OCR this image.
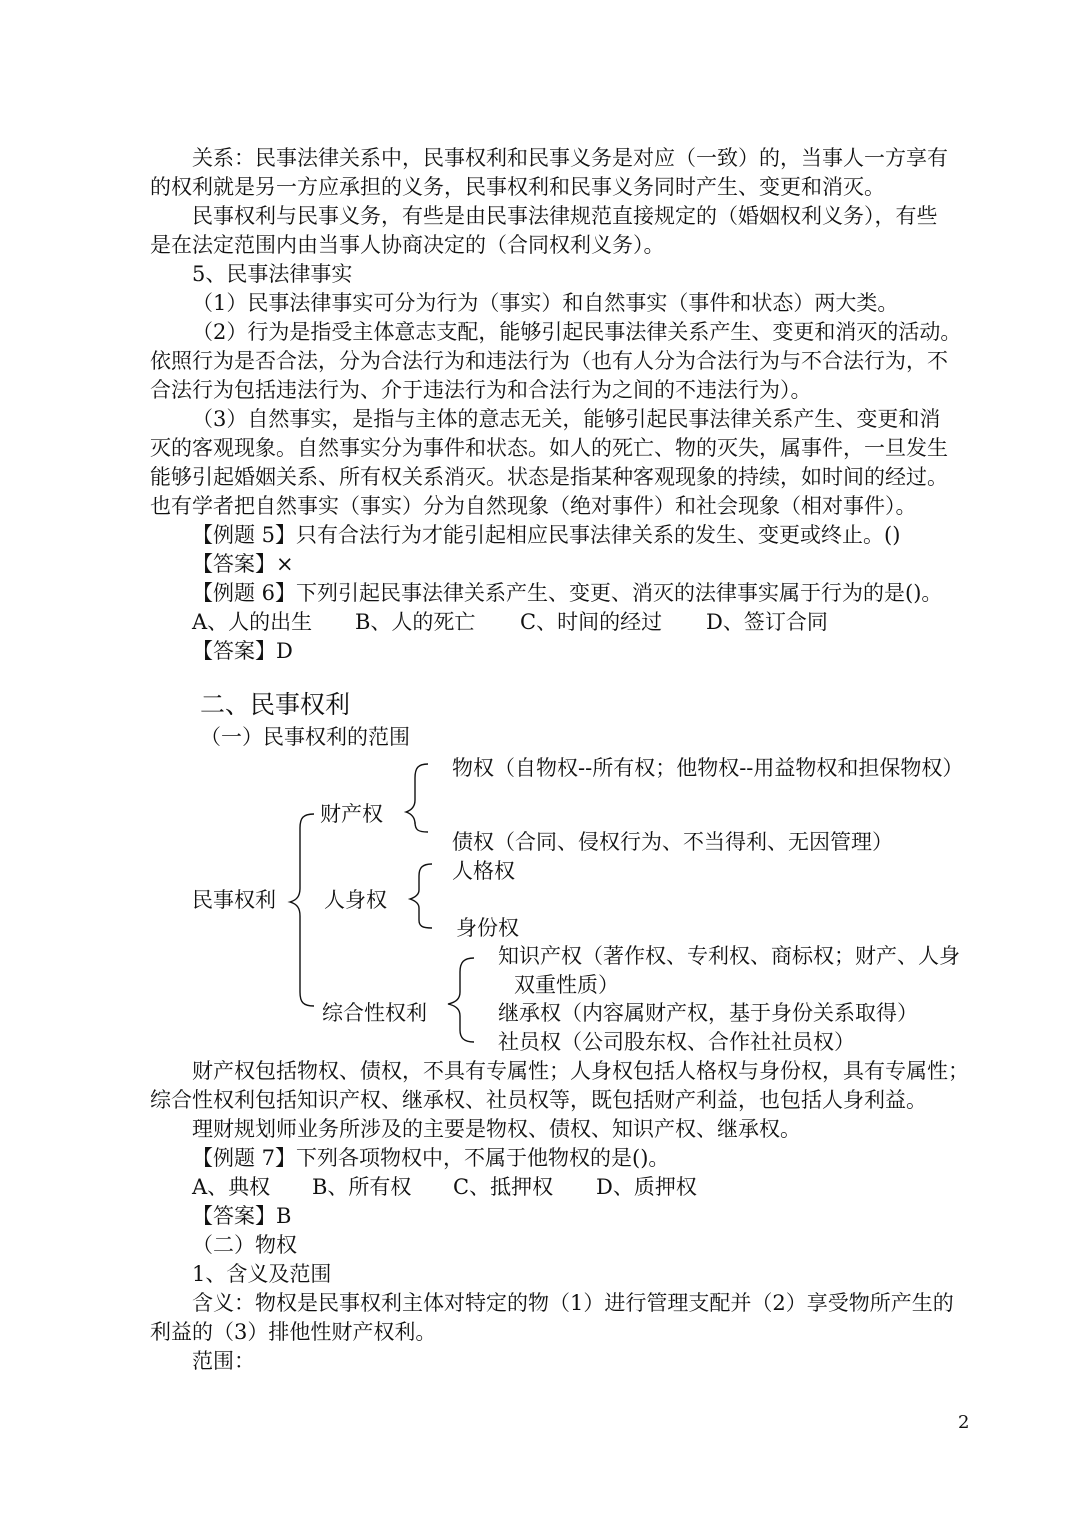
关系：民事法律关系中，民事权利和民事义务是对应（一致）的，当事人一方享有
的权利就是另一方应承担的义务，民事权利和民事义务同时产生、变更和消灭。
民事权利与民事义务，有些是由民事法律规范直接规定的（婚姻权利义务），有些
是在法定范围内由当事人协商决定的（合同权利义务）。
5、民事法律事实
（1）民事法律事实可分为行为（事实）和自然事实（事件和状态）两大类。
（2）行为是指受主体意志支配，能够引起民事法律关系产生、变更和消灭的活动。
依照行为是否合法，分为合法行为和违法行为（也有人分为合法行为与不合法行为，不
合法行为包括违法行为、介于违法行为和合法行为之间的不违法行为）。
（3）自然事实，是指与主体的意志无关，能够引起民事法律关系产生、变更和消
灭的客观现象。自然事实分为事件和状态。如人的死亡、物的灭失，属事件，一旦发生
能够引起婚姻关系、所有权关系消灭。状态是指某种客观现象的持续，如时间的经过。
也有学者把自然事实（事实）分为自然现象（绝对事件）和社会现象（相对事件）。
【例题 5】只有合法行为才能引起相应民事法律关系的发生、变更或终止。()
【答案】×
【例题 6】下列引起民事法律关系产生、变更、消灭的法律事实属于行为的是()。
A、人的出生 B、人的死亡 C、时间的经过 D、签订合同
【答案】D
二、民事权利
（一）民事权利的范围
物权（自物权--所有权；他物权--用益物权和担保物权）
财产权
债权（合同、侵权行为、不当得利、无因管理）
人格权
民事权利 人身权
身份权
知识产权（著作权、专利权、商标权；财产、人身
双重性质）
综合性权利	继承权（内容属财产权，基于身份关系取得）
社员权（公司股东权、合作社社员权）
财产权包括物权、债权，不具有专属性；人身权包括人格权与身份权，具有专属性；
综合性权利包括知识产权、继承权、社员权等，既包括财产利益，也包括人身利益。
理财规划师业务所涉及的主要是物权、债权、知识产权、继承权。
【例题 7】下列各项物权中，不属于他物权的是()。
A、典权 B、所有权 C、抵押权 D、质押权
【答案】B
（二）物权
1、含义及范围
含义：物权是民事权利主体对特定的物（1）进行管理支配并（2）享受物所产生的
利益的（3）排他性财产权利。
范围：
2
